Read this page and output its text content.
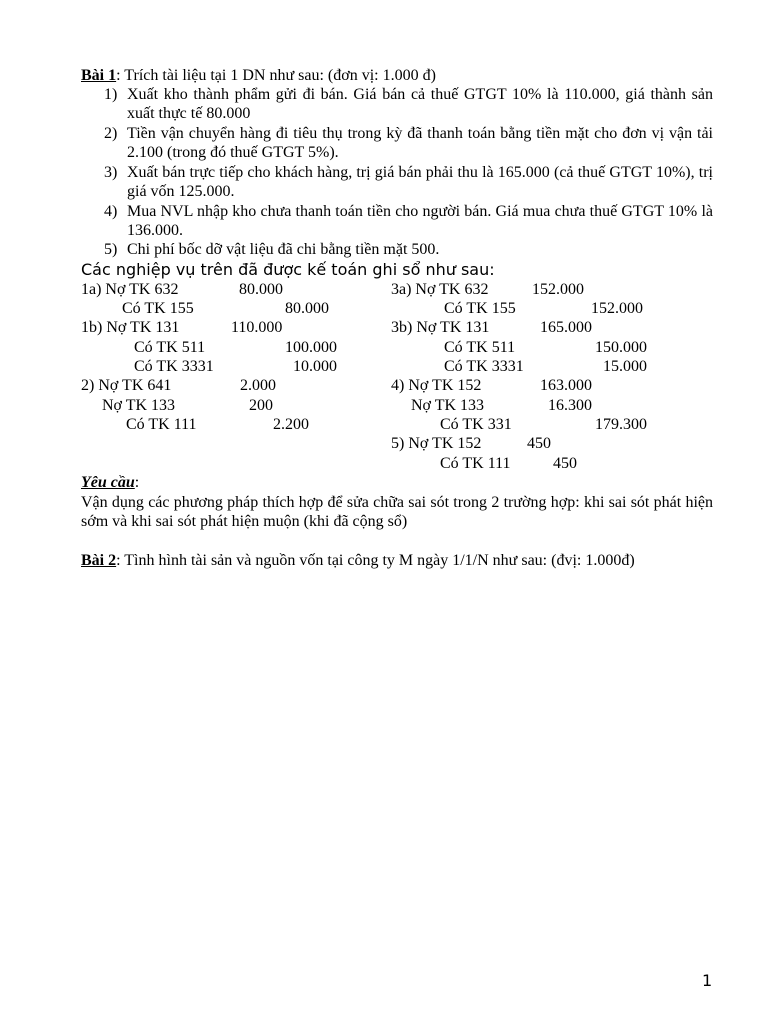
Bài 1: Trích tài liệu tại 1 DN như sau: (đơn vị: 1.000 đ)
1) Xuất kho thành phẩm gửi đi bán. Giá bán cả thuế GTGT 10% là 110.000, giá thành sản xuất thực tế 80.000
2) Tiền vận chuyển hàng đi tiêu thụ trong kỳ đã thanh toán bằng tiền mặt cho đơn vị vận tải 2.100 (trong đó thuế GTGT 5%).
3) Xuất bán trực tiếp cho khách hàng, trị giá bán phải thu là 165.000 (cả thuế GTGT 10%), trị giá vốn 125.000.
4) Mua NVL nhập kho chưa thanh toán tiền cho người bán. Giá mua chưa thuế GTGT 10% là 136.000.
5) Chi phí bốc dỡ vật liệu đã chi bằng tiền mặt 500.
Các nghiệp vụ trên đã được kế toán ghi sổ như sau:
1a) Nợ TK 632	80.000
Có TK 155	80.000
1b) Nợ TK 131	110.000
Có TK 511	100.000
Có TK 3331	10.000
2) Nợ TK 641	2.000
Nợ TK 133	200
Có TK 111	2.200
3a) Nợ TK 632	152.000
Có TK 155	152.000
3b) Nợ TK 131	165.000
Có TK 511	150.000
Có TK 3331	15.000
4) Nợ TK 152	163.000
Nợ TK 133	16.300
Có TK 331	179.300
5) Nợ TK 152	450
Có TK 111	450
Yêu cầu:
Vận dụng các phương pháp thích hợp để sửa chữa sai sót trong 2 trường hợp: khi sai sót phát hiện sớm và khi sai sót phát hiện muộn (khi đã cộng sổ)
Bài 2: Tình hình tài sản và nguồn vốn tại công ty M ngày 1/1/N như sau: (đvị: 1.000đ)
1
